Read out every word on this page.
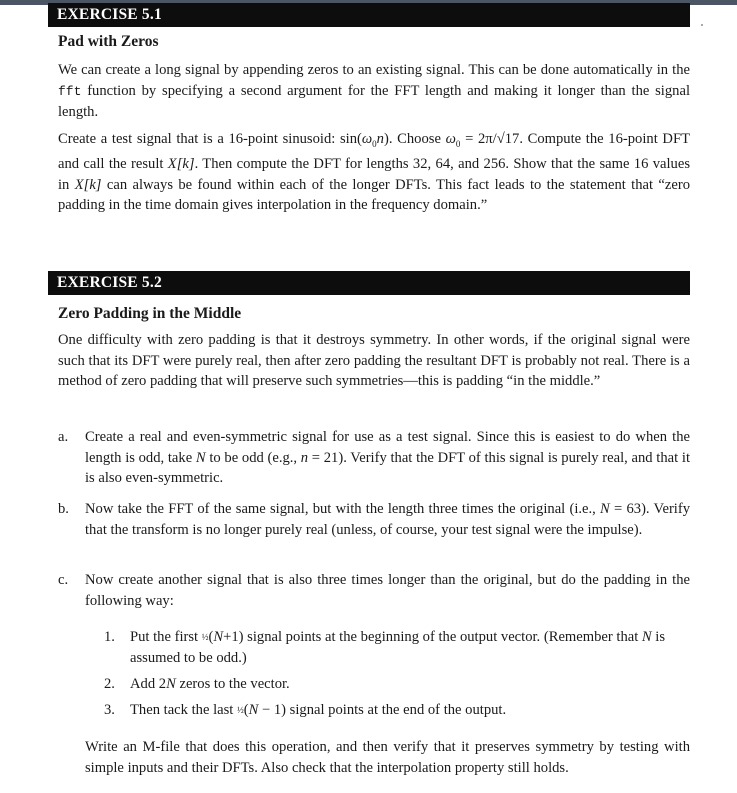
EXERCISE 5.1
Pad with Zeros
We can create a long signal by appending zeros to an existing signal. This can be done automatically in the fft function by specifying a second argument for the FFT length and making it longer than the signal length.
Create a test signal that is a 16-point sinusoid: $\sin(\omega_0n)$. Choose $\omega_0 = 2\pi/√17$. Compute the 16-point DFT and call the result X[k]. Then compute the DFT for lengths 32, 64, and 256. Show that the same 16 values in X[k] can always be found within each of the longer DFTs. This fact leads to the statement that “zero padding in the time domain gives interpolation in the frequency domain.”
EXERCISE 5.2
Zero Padding in the Middle
One difficulty with zero padding is that it destroys symmetry. In other words, if the original signal were such that its DFT were purely real, then after zero padding the resultant DFT is probably not real. There is a method of zero padding that will preserve such symmetries—this is padding “in the middle.”
a.	Create a real and even-symmetric signal for use as a test signal. Since this is easiest to do when the length is odd, take N to be odd (e.g., n = 21). Verify that the DFT of this signal is purely real, and that it is also even-symmetric.
b.	Now take the FFT of the same signal, but with the length three times the original (i.e., N = 63). Verify that the transform is no longer purely real (unless, of course, your test signal were the impulse).
c.	Now create another signal that is also three times longer than the original, but do the padding in the following way:
1. Put the first ½(N+1) signal points at the beginning of the output vector. (Remember that N is assumed to be odd.)
2. Add 2N zeros to the vector.
3. Then tack the last ½(N − 1) signal points at the end of the output.
Write an M-file that does this operation, and then verify that it preserves symmetry by testing with simple inputs and their DFTs. Also check that the interpolation property still holds.
